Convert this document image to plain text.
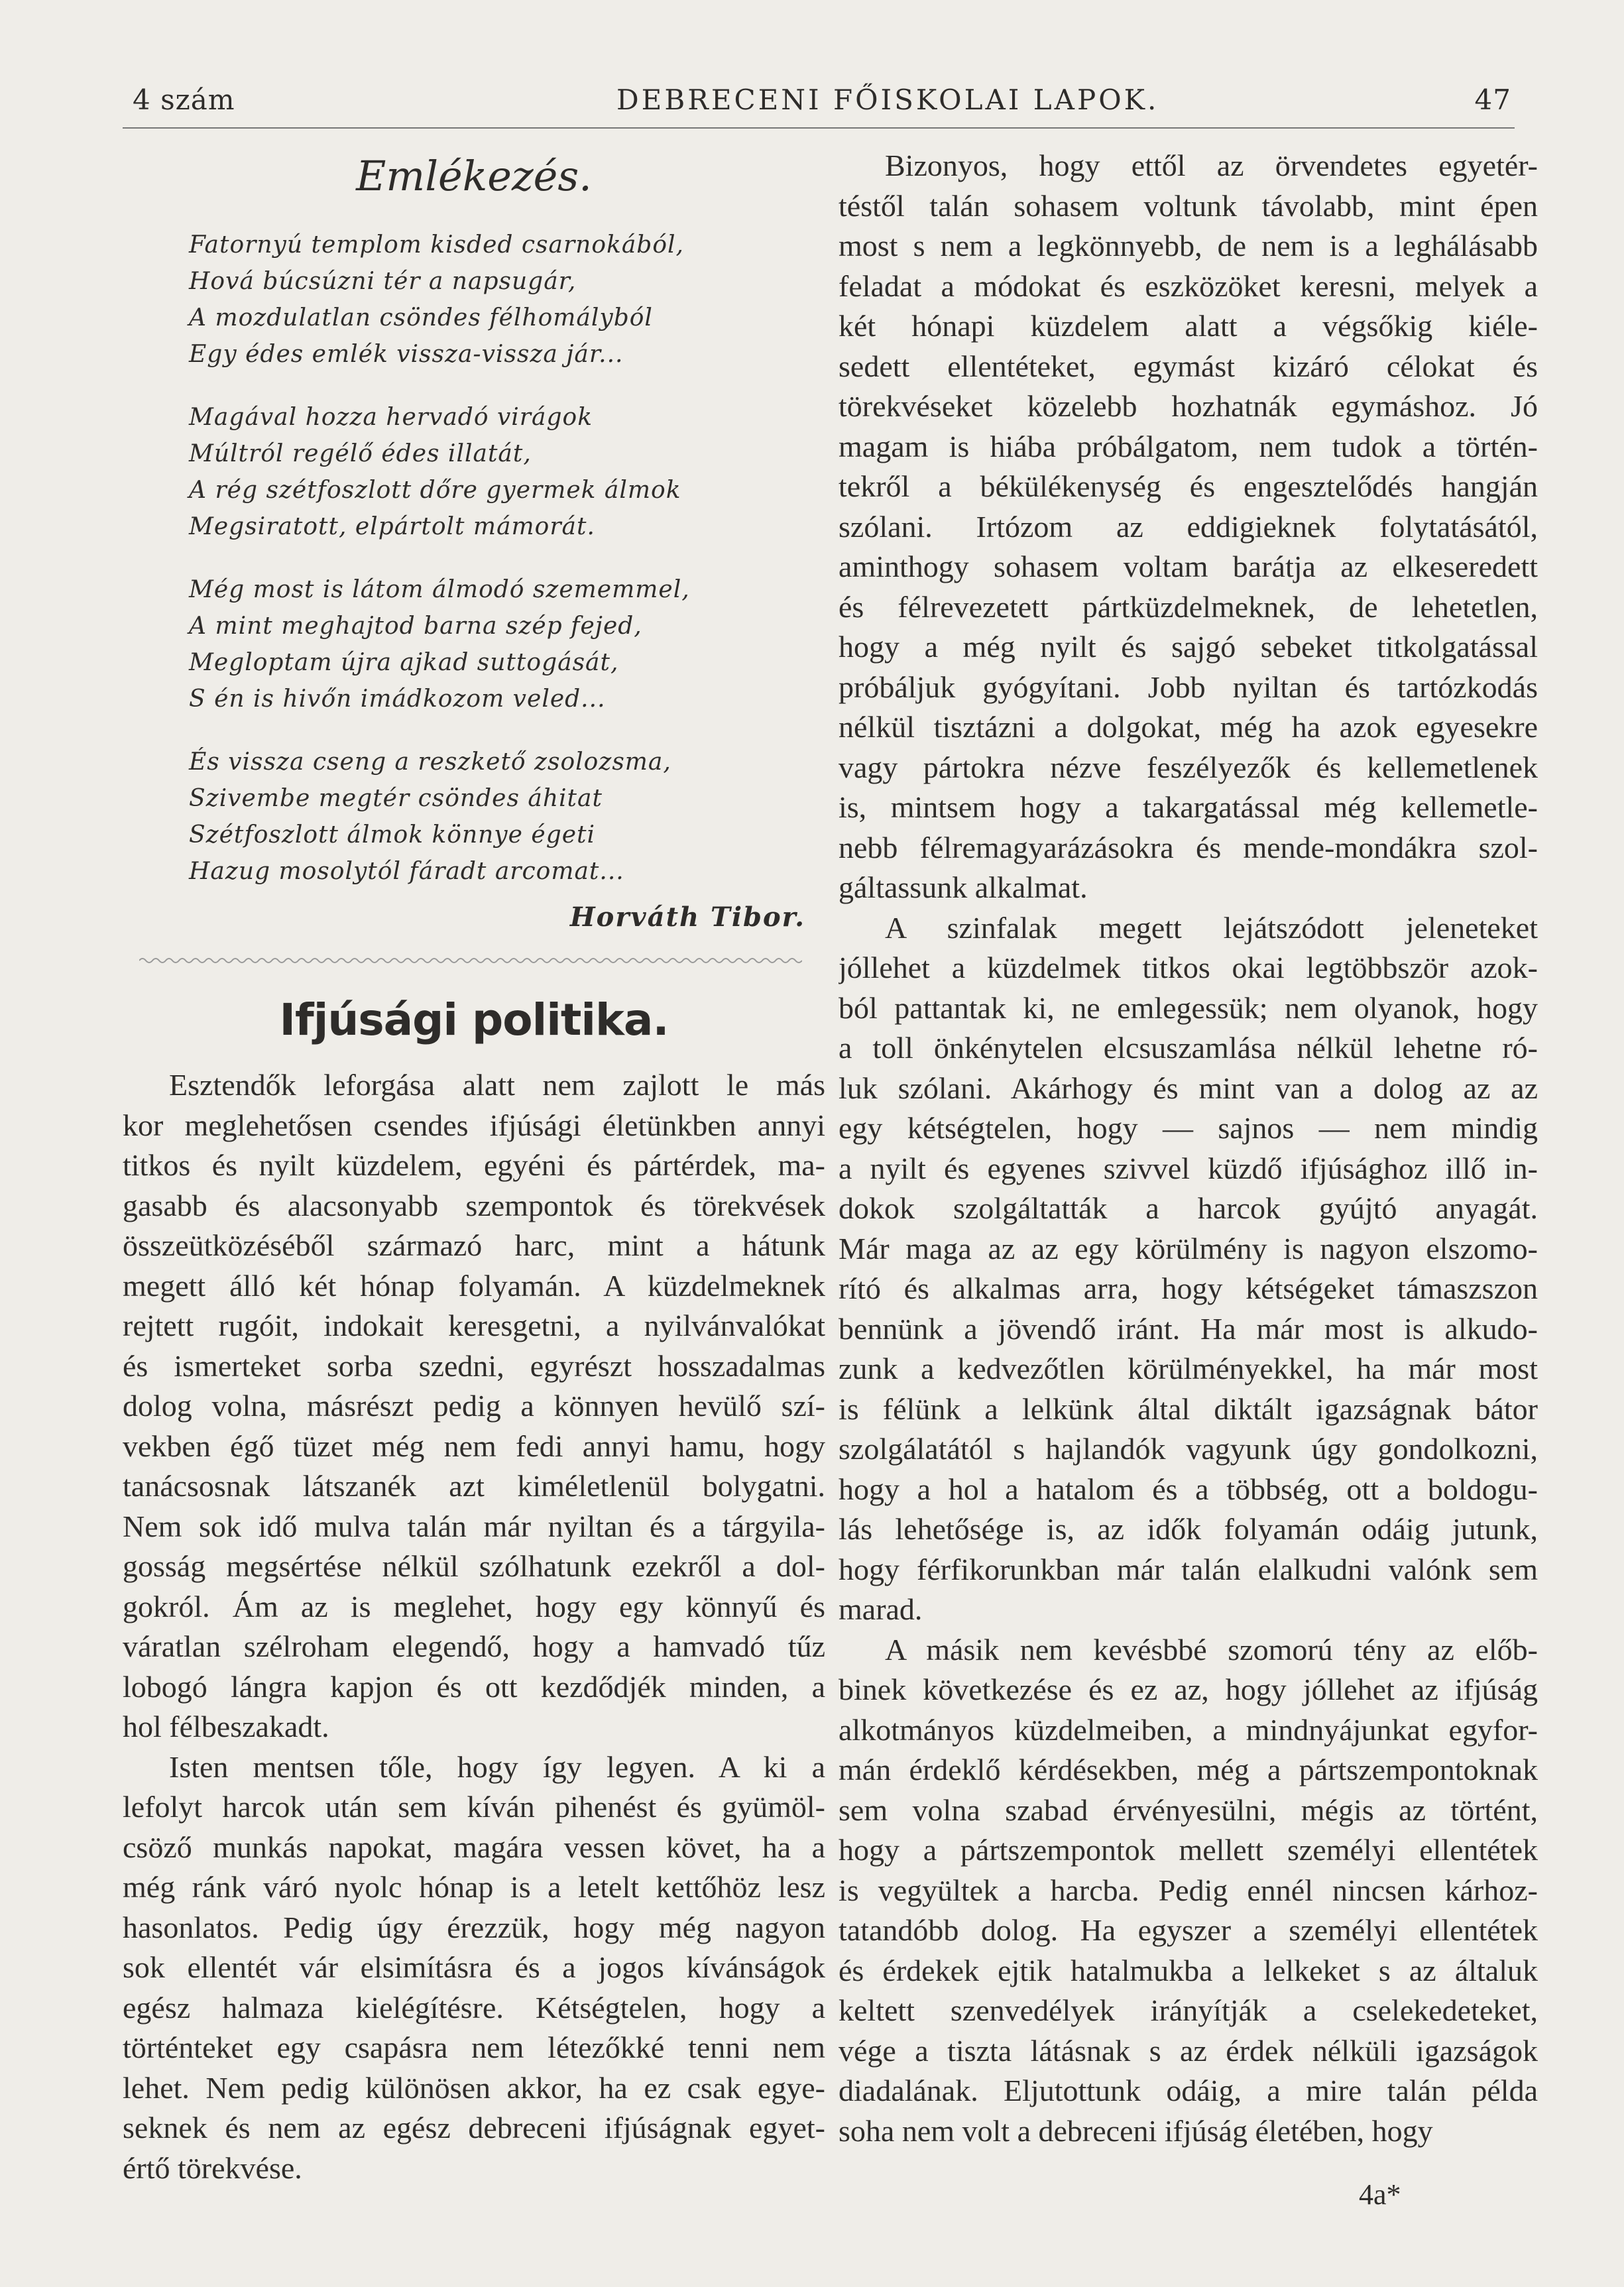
4 szám	DEBRECENI FŐISKOLAI LAPOK.	47
Emlékezés.
Fatornyú templom kisded csarnokából,
Hová búcsúzni tér a napsugár,
A mozdulatlan csöndes félhomályból
Egy édes emlék vissza-vissza jár...
Magával hozza hervadó virágok
Múltról regélő édes illatát,
A rég szétfoszlott dőre gyermek álmok
Megsiratott, elpártolt mámorát.
Még most is látom álmodó szememmel,
A mint meghajtod barna szép fejed,
Megloptam újra ajkad suttogását,
S én is hivőn imádkozom veled...
És vissza cseng a reszkető zsolozsma,
Szivembe megtér csöndes áhitat
Szétfoszlott álmok könnye égeti
Hazug mosolytól fáradt arcomat...
Horváth Tibor.
Ifjúsági politika.
Esztendők leforgása alatt nem zajlott le más
kor meglehetősen csendes ifjúsági életünkben annyi
titkos és nyilt küzdelem, egyéni és pártérdek, ma-
gasabb és alacsonyabb szempontok és törekvések
összeütközéséből származó harc, mint a hátunk
megett álló két hónap folyamán. A küzdelmeknek
rejtett rugóit, indokait keresgetni, a nyilvánvalókat
és ismerteket sorba szedni, egyrészt hosszadalmas
dolog volna, másrészt pedig a könnyen hevülő szí-
vekben égő tüzet még nem fedi annyi hamu, hogy
tanácsosnak látszanék azt kiméletlenül bolygatni.
Nem sok idő mulva talán már nyiltan és a tárgyila-
gosság megsértése nélkül szólhatunk ezekről a dol-
gokról. Ám az is meglehet, hogy egy könnyű és
váratlan szélroham elegendő, hogy a hamvadó tűz
lobogó lángra kapjon és ott kezdődjék minden, a
hol félbeszakadt.
Isten mentsen tőle, hogy így legyen. A ki a
lefolyt harcok után sem kíván pihenést és gyümöl-
csöző munkás napokat, magára vessen követ, ha a
még ránk váró nyolc hónap is a letelt kettőhöz lesz
hasonlatos. Pedig úgy érezzük, hogy még nagyon
sok ellentét vár elsimításra és a jogos kívánságok
egész halmaza kielégítésre. Kétségtelen, hogy a
történteket egy csapásra nem létezőkké tenni nem
lehet. Nem pedig különösen akkor, ha ez csak egye-
seknek és nem az egész debreceni ifjúságnak egyet-
értő törekvése.
Bizonyos, hogy ettől az örvendetes egyetér-
téstől talán sohasem voltunk távolabb, mint épen
most s nem a legkönnyebb, de nem is a leghálásabb
feladat a módokat és eszközöket keresni, melyek a
két hónapi küzdelem alatt a végsőkig kiéle-
sedett ellentéteket, egymást kizáró célokat és
törekvéseket közelebb hozhatnák egymáshoz. Jó
magam is hiába próbálgatom, nem tudok a történ-
tekről a békülékenység és engesztelődés hangján
szólani. Irtózom az eddigieknek folytatásától,
aminthogy sohasem voltam barátja az elkeseredett
és félrevezetett pártküzdelmeknek, de lehetetlen,
hogy a még nyilt és sajgó sebeket titkolgatással
próbáljuk gyógyítani. Jobb nyiltan és tartózkodás
nélkül tisztázni a dolgokat, még ha azok egyesekre
vagy pártokra nézve feszélyezők és kellemetlenek
is, mintsem hogy a takargatással még kellemetle-
nebb félremagyarázásokra és mende-mondákra szol-
gáltassunk alkalmat.
A szinfalak megett lejátszódott jeleneteket
jóllehet a küzdelmek titkos okai legtöbbször azok-
ból pattantak ki, ne emlegessük; nem olyanok, hogy
a toll önkénytelen elcsuszamlása nélkül lehetne ró-
luk szólani. Akárhogy és mint van a dolog az az
egy kétségtelen, hogy — sajnos — nem mindig
a nyilt és egyenes szivvel küzdő ifjúsághoz illő in-
dokok szolgáltatták a harcok gyújtó anyagát.
Már maga az az egy körülmény is nagyon elszomo-
rító és alkalmas arra, hogy kétségeket támaszszon
bennünk a jövendő iránt. Ha már most is alkudo-
zunk a kedvezőtlen körülményekkel, ha már most
is félünk a lelkünk által diktált igazságnak bátor
szolgálatától s hajlandók vagyunk úgy gondolkozni,
hogy a hol a hatalom és a többség, ott a boldogu-
lás lehetősége is, az idők folyamán odáig jutunk,
hogy férfikorunkban már talán elalkudni valónk sem
marad.
A másik nem kevésbbé szomorú tény az előb-
binek következése és ez az, hogy jóllehet az ifjúság
alkotmányos küzdelmeiben, a mindnyájunkat egyfor-
mán érdeklő kérdésekben, még a pártszempontoknak
sem volna szabad érvényesülni, mégis az történt,
hogy a pártszempontok mellett személyi ellentétek
is vegyültek a harcba. Pedig ennél nincsen kárhoz-
tatandóbb dolog. Ha egyszer a személyi ellentétek
és érdekek ejtik hatalmukba a lelkeket s az általuk
keltett szenvedélyek irányítják a cselekedeteket,
vége a tiszta látásnak s az érdek nélküli igazságok
diadalának. Eljutottunk odáig, a mire talán példa
soha nem volt a debreceni ifjúság életében, hogy
4a*
